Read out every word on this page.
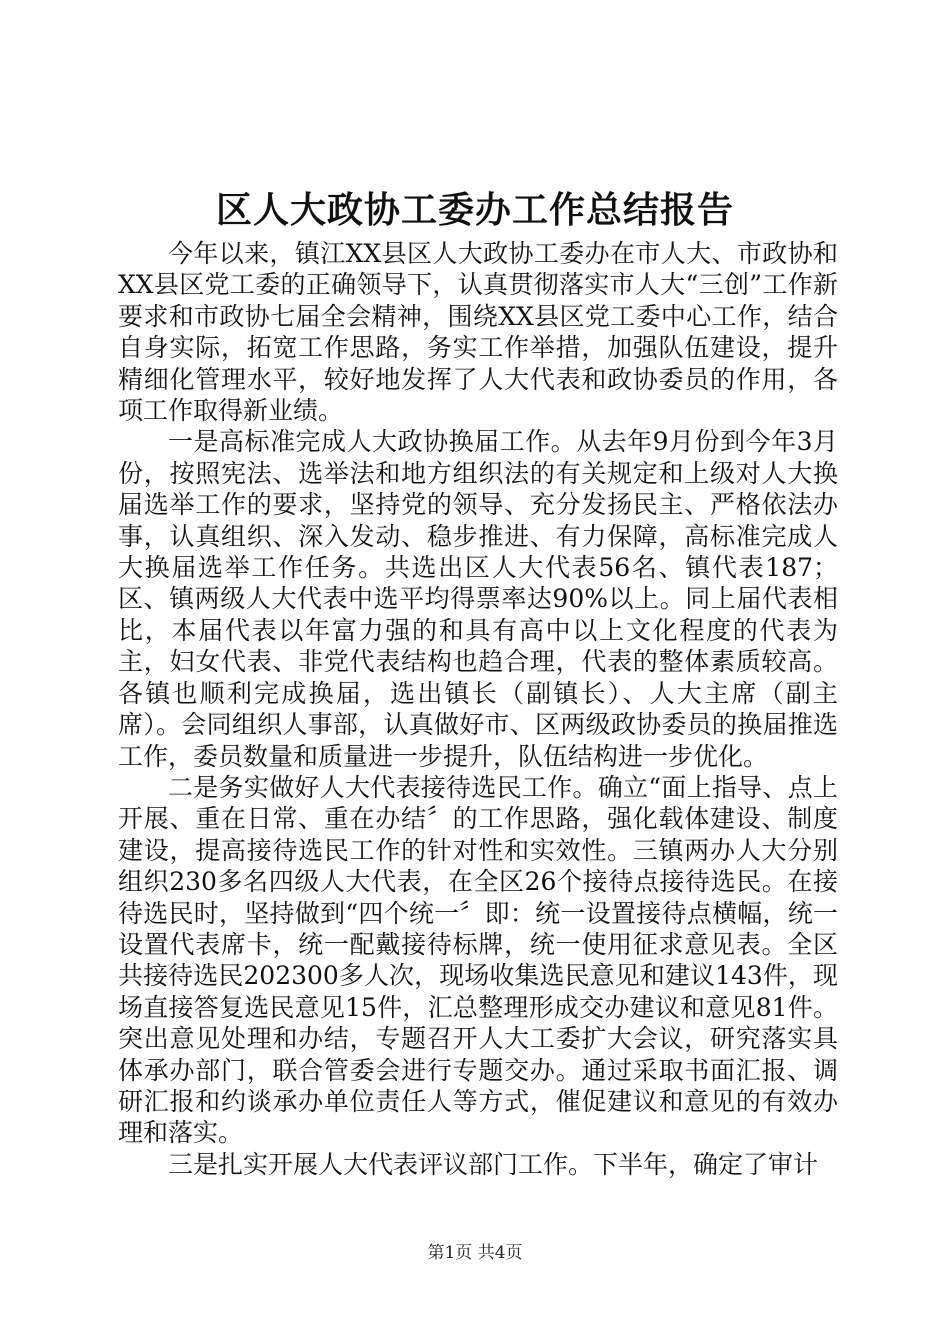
区人大政协工委办工作总结报告

今年以来，镇江XX县区人大政协工委办在市人大、市政协和XX县区党工委的正确领导下，认真贯彻落实市人大“三创”工作新要求和市政协七届全会精神，围绕XX县区党工委中心工作，结合自身实际，拓宽工作思路，务实工作举措，加强队伍建设，提升精细化管理水平，较好地发挥了人大代表和政协委员的作用，各项工作取得新业绩。

一是高标准完成人大政协换届工作。从去年9月份到今年3月份，按照宪法、选举法和地方组织法的有关规定和上级对人大换届选举工作的要求，坚持党的领导、充分发扬民主、严格依法办事，认真组织、深入发动、稳步推进、有力保障，高标准完成人大换届选举工作任务。共选出区人大代表56名、镇代表187；区、镇两级人大代表中选平均得票率达90%以上。同上届代表相比，本届代表以年富力强的和具有高中以上文化程度的代表为主，妇女代表、非党代表结构也趋合理，代表的整体素质较高。各镇也顺利完成换届，选出镇长（副镇长）、人大主席（副主席）。会同组织人事部，认真做好市、区两级政协委员的换届推选工作，委员数量和质量进一步提升，队伍结构进一步优化。

二是务实做好人大代表接待选民工作。确立“面上指导、点上开展、重在日常、重在办结〞的工作思路，强化载体建设、制度建设，提高接待选民工作的针对性和实效性。三镇两办人大分别组织230多名四级人大代表，在全区26个接待点接待选民。在接待选民时，坚持做到“四个统一〞即：统一设置接待点横幅，统一设置代表席卡，统一配戴接待标牌，统一使用征求意见表。全区共接待选民202300多人次，现场收集选民意见和建议143件，现场直接答复选民意见15件，汇总整理形成交办建议和意见81件。突出意见处理和办结，专题召开人大工委扩大会议，研究落实具体承办部门，联合管委会进行专题交办。通过采取书面汇报、调研汇报和约谈承办单位责任人等方式，催促建议和意见的有效办理和落实。

三是扎实开展人大代表评议部门工作。下半年，确定了审计

第1页 共4页
